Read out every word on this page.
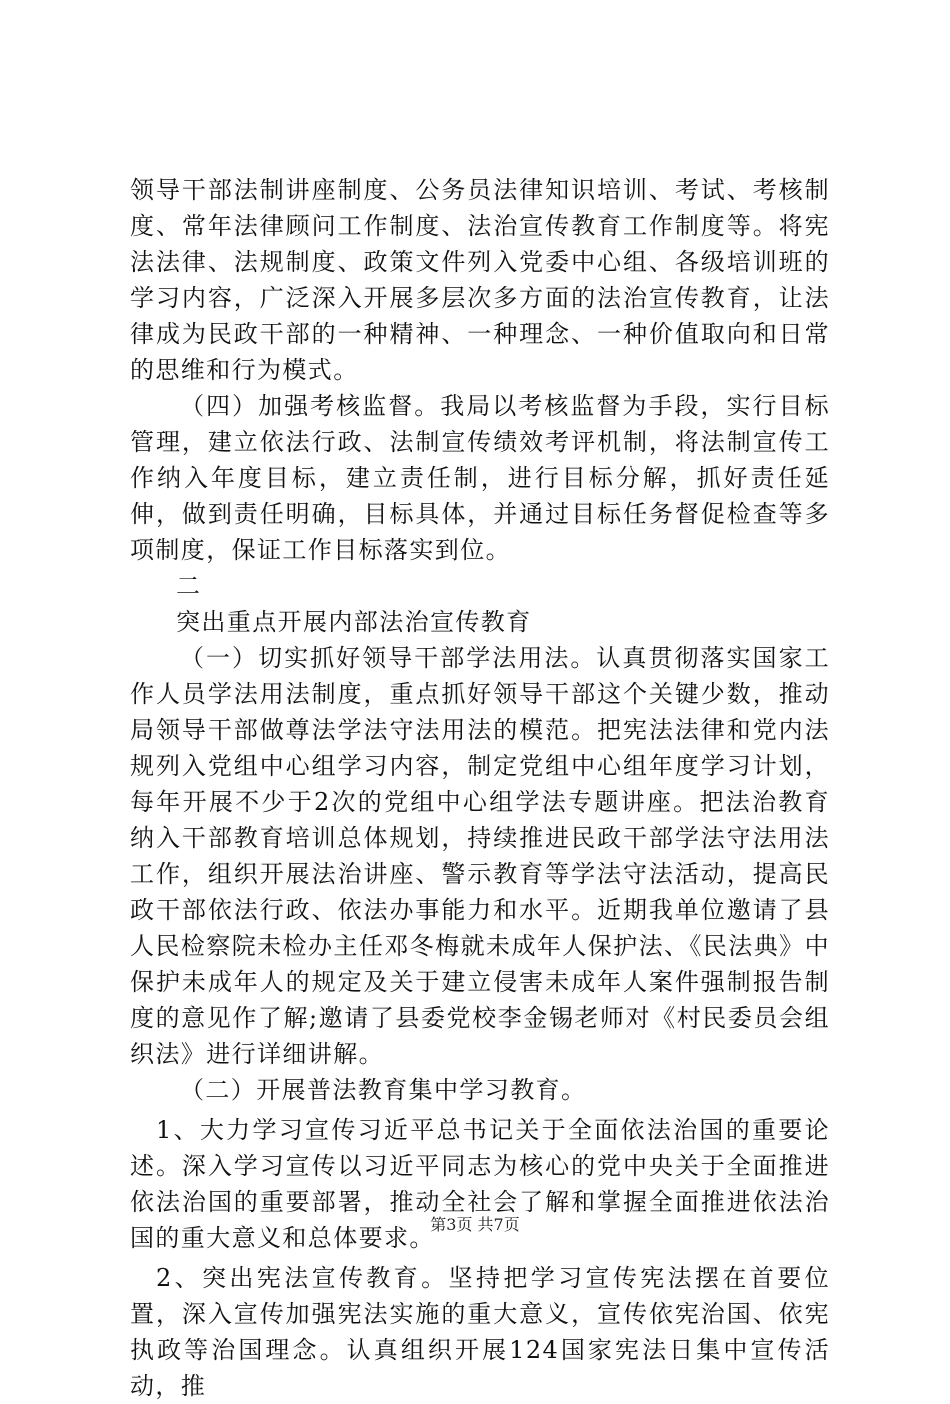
领导干部法制讲座制度、公务员法律知识培训、考试、考核制度、常年法律顾问工作制度、法治宣传教育工作制度等。将宪法法律、法规制度、政策文件列入党委中心组、各级培训班的学习内容，广泛深入开展多层次多方面的法治宣传教育，让法律成为民政干部的一种精神、一种理念、一种价值取向和日常的思维和行为模式。

（四）加强考核监督。我局以考核监督为手段，实行目标管理，建立依法行政、法制宣传绩效考评机制，将法制宣传工作纳入年度目标，建立责任制，进行目标分解，抓好责任延伸，做到责任明确，目标具体，并通过目标任务督促检查等多项制度，保证工作目标落实到位。

二

突出重点开展内部法治宣传教育

（一）切实抓好领导干部学法用法。认真贯彻落实国家工作人员学法用法制度，重点抓好领导干部这个关键少数，推动局领导干部做尊法学法守法用法的模范。把宪法法律和党内法规列入党组中心组学习内容，制定党组中心组年度学习计划，每年开展不少于2次的党组中心组学法专题讲座。把法治教育纳入干部教育培训总体规划，持续推进民政干部学法守法用法工作，组织开展法治讲座、警示教育等学法守法活动，提高民政干部依法行政、依法办事能力和水平。近期我单位邀请了县人民检察院未检办主任邓冬梅就未成年人保护法、《民法典》中保护未成年人的规定及关于建立侵害未成年人案件强制报告制度的意见作了解;邀请了县委党校李金锡老师对《村民委员会组织法》进行详细讲解。

（二）开展普法教育集中学习教育。

1、大力学习宣传习近平总书记关于全面依法治国的重要论述。深入学习宣传以习近平同志为核心的党中央关于全面推进依法治国的重要部署，推动全社会了解和掌握全面推进依法治国的重大意义和总体要求。

2、突出宪法宣传教育。坚持把学习宣传宪法摆在首要位置，深入宣传加强宪法实施的重大意义，宣传依宪治国、依宪执政等治国理念。认真组织开展124国家宪法日集中宣传活动，推

第3页 共7页
